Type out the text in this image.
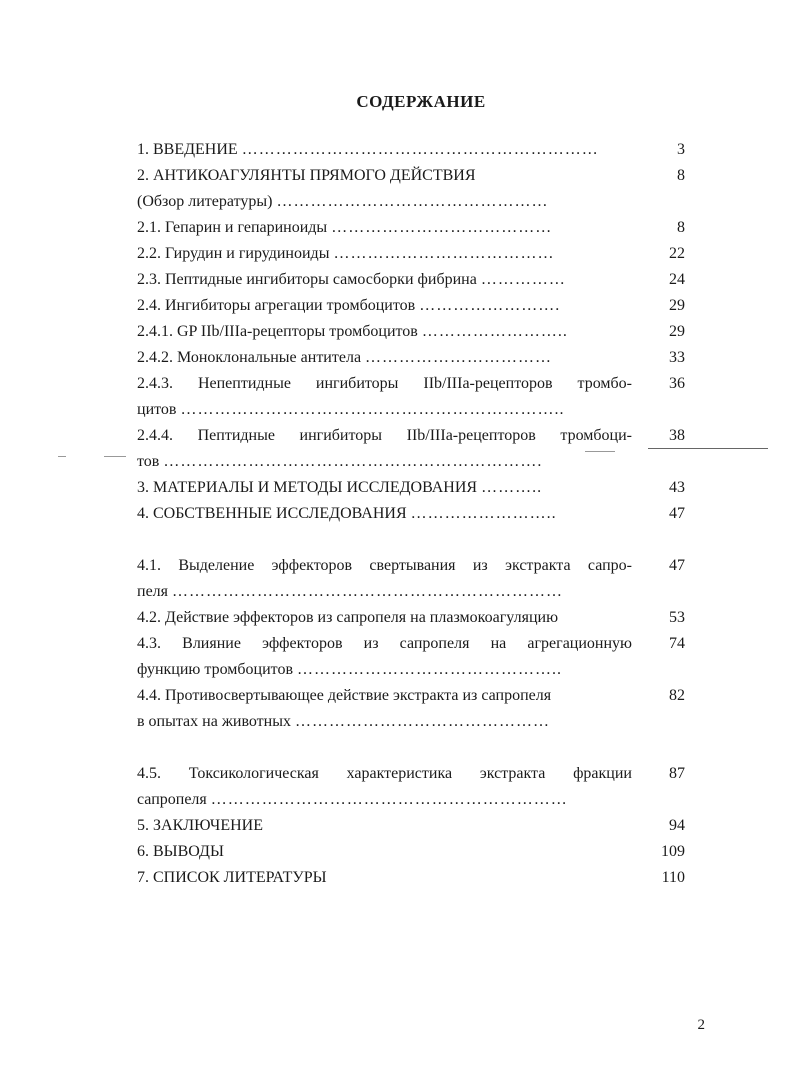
СОДЕРЖАНИЕ
1. ВВЕДЕНИЕ ………………………………………………………	3
2. АНТИКОАГУЛЯНТЫ ПРЯМОГО ДЕЙСТВИЯ	8
(Обзор литературы) …………………………………………
2.1. Гепарин и гепариноиды …………………………………	8
2.2. Гирудин и гирудиноиды …………………………………	22
2.3. Пептидные ингибиторы самосборки фибрина ……………	24
2.4. Ингибиторы агрегации тромбоцитов …………………….	29
2.4.1. GP IIb/IIIa-рецепторы тромбоцитов ……………………..	29
2.4.2. Моноклональные антитела ……………………………	33
2.4.3. Непептидные ингибиторы IIb/IIIa-рецепторов тромбо-	36
цитов …………………………………………………………..
2.4.4. Пептидные ингибиторы IIb/IIIa-рецепторов тромбоци-	38
тов ………………………………………………………….
3. МАТЕРИАЛЫ И МЕТОДЫ ИССЛЕДОВАНИЯ ………..	43
4. СОБСТВЕННЫЕ ИССЛЕДОВАНИЯ ……………………..	47
4.1. Выделение эффекторов свертывания из экстракта сапро-	47
пеля ……………………………………………………………
4.2. Действие эффекторов из сапропеля на плазмокоагуляцию	53
4.3. Влияние эффекторов из сапропеля на агрегационную	74
функцию тромбоцитов ………………………………………..
4.4. Противосвертывающее действие экстракта из сапропеля	82
в опытах на животных ………………………………………
4.5. Токсикологическая характеристика экстракта фракции	87
сапропеля ………………………………………………………
5. ЗАКЛЮЧЕНИЕ	94
6. ВЫВОДЫ	109
7. СПИСОК ЛИТЕРАТУРЫ	110
2
